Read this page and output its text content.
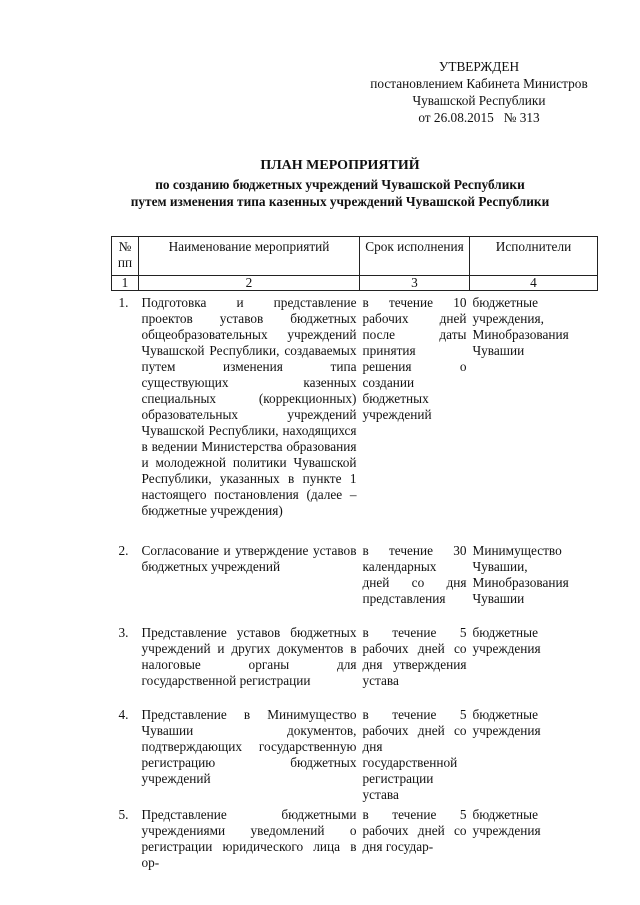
УТВЕРЖДЕН
постановлением Кабинета Министров
Чувашской Республики
от 26.08.2015   № 313
ПЛАН МЕРОПРИЯТИЙ
по созданию бюджетных учреждений Чувашской Республики
путем изменения типа казенных учреждений Чувашской Республики
№ пп	Наименование мероприятий	Срок исполнения	Исполнители
1	2	3	4
1.	Подготовка и представление проектов уставов бюджетных общеобразовательных учреждений Чувашской Республики, создаваемых путем изменения типа существующих казенных специальных (коррекционных) образовательных учреждений Чувашской Республики, находящихся в ведении Министерства образования и молодежной политики Чувашской Республики, указанных в пункте 1 настоящего постановления (далее – бюджетные учреждения)	в течение 10 рабочих дней после даты принятия решения о создании бюджетных учреждений	бюджетные учреждения, Минобразования Чувашии
2.	Согласование и утверждение уставов бюджетных учреждений	в течение 30 календарных дней со дня представления	Минимущество Чувашии, Минобразования Чувашии
3.	Представление уставов бюджетных учреждений и других документов в налоговые органы для государственной регистрации	в течение 5 рабочих дней со дня утверждения устава	бюджетные учреждения
4.	Представление в Минимущество Чувашии документов, подтверждающих государственную регистрацию бюджетных учреждений	в течение 5 рабочих дней со дня государственной регистрации устава	бюджетные учреждения
5.	Представление бюджетными учреждениями уведомлений о регистрации юридического лица в ор-	в течение 5 рабочих дней со дня государ-	бюджетные учреждения
